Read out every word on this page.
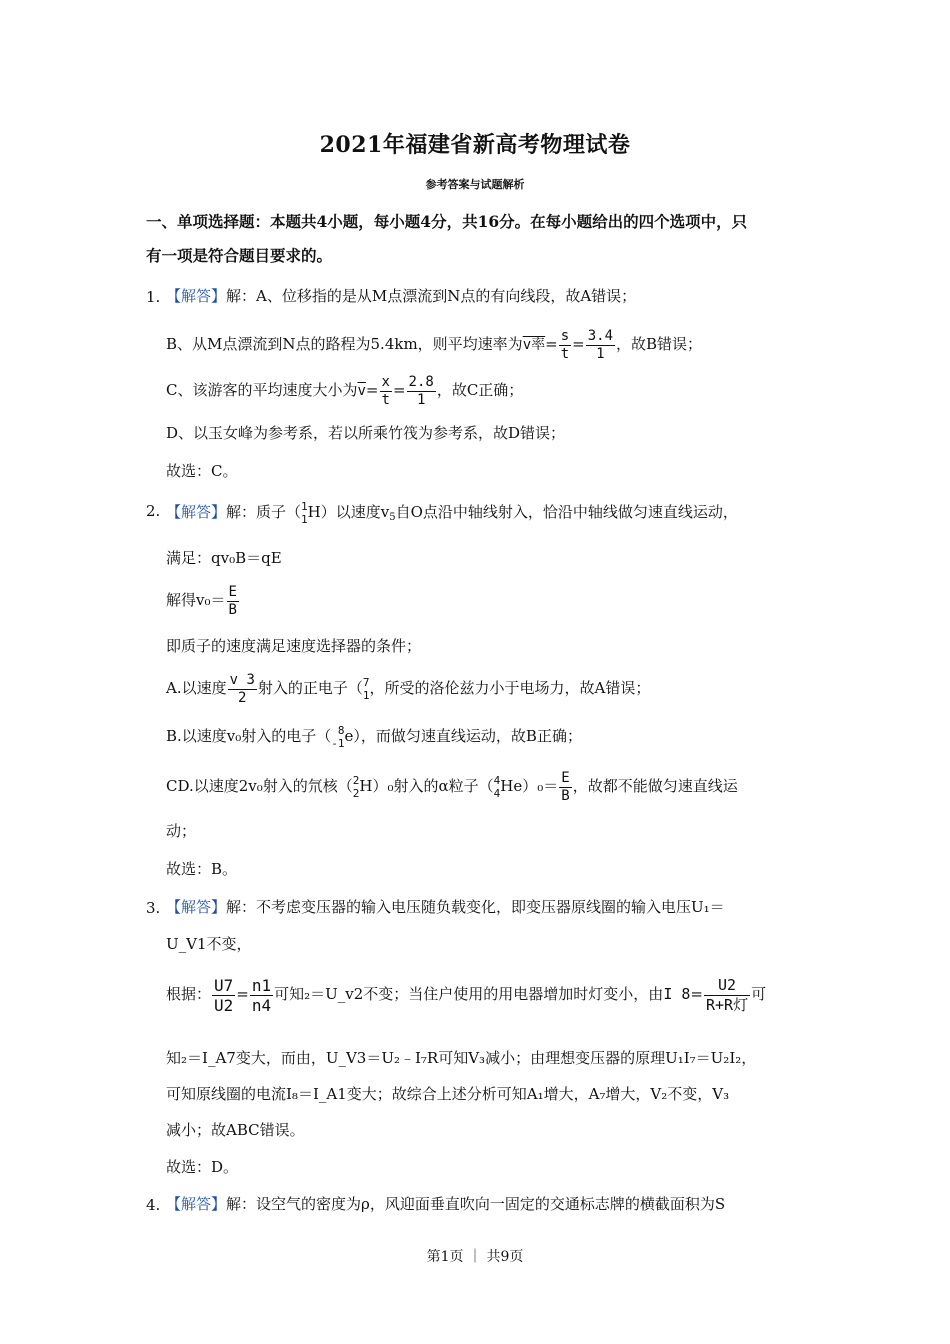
2021年福建省新高考物理试卷
参考答案与试题解析
一、单项选择题：本题共4小题，每小题4分，共16分。在每小题给出的四个选项中，只
有一项是符合题目要求的。
1. 【解答】解：A、位移指的是从M点漂流到N点的有向线段，故A错误；
B、从M点漂流到N点的路程为5.4km，则平均速率为v率= $\frac{s}{t} = \frac{3.4}{1}$ ，故B错误；
C、该游客的平均速度大小为$\overline{v}= \frac{x}{t} = \frac{2.8}{1}$ ，故C正确；
D、以玉女峰为参考系，若以所乘竹筏为参考系，故D错误；
故选：C。
2. 【解答】解：质子（ 1
1 H）以速度$v_5$自O点沿中轴线射入，恰沿中轴线做匀速直线运动，
满足：qv₀B＝qE
解得$v_0= \frac{E}{B}$
即质子的速度满足速度选择器的条件；
A.以速度 $\frac{v 3}{2}$ 射入的正电子（ 7
1 ，所受的洛伦兹力小于电场力，故A错误；
B.以速度v₀射入的电子（ 8
-1 e），而做匀速直线运动，故B正确；
CD.以速度2v₀射入的氘核（ 2
2 H）₀射入的α粒子（ 4
4 $He)_0= \frac{E}{B}$ ，故都不能做匀速直线运
动；
故选：B。
3. 【解答】解：不考虑变压器的输入电压随负载变化，即变压器原线圈的输入电压U₁＝
U_V1不变，
根据： $\frac{U7}{U2} = \frac{n1}{n4}$ 可知₂＝U_v2不变；当住户使用的用电器增加时灯变小，由I $8= \frac{U2}{\text{R+R灯}}$ 可
知₂＝I_A7变大，而由，U_V3＝U₂﹣I₇R可知V₃减小；由理想变压器的原理U₁I₇＝U₂I₂，
可知原线圈的电流I₈＝I_A1变大；故综合上述分析可知A₁增大，A₇增大，V₂不变，V₃
减小；故ABC错误。
故选：D。
4. 【解答】解：设空气的密度为ρ，风迎面垂直吹向一固定的交通标志牌的横截面积为S
第1页 ｜ 共9页
